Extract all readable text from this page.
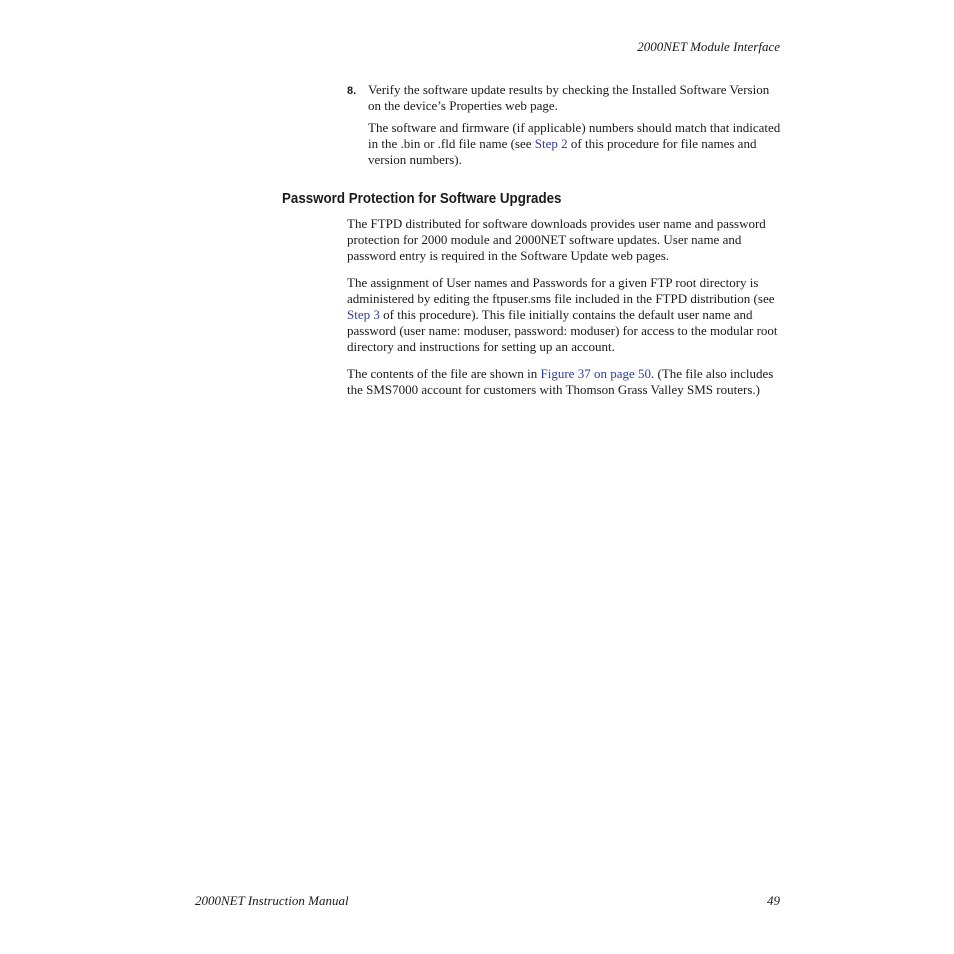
2000NET Module Interface
8. Verify the software update results by checking the Installed Software Version on the device’s Properties web page.

The software and firmware (if applicable) numbers should match that indicated in the .bin or .fld file name (see Step 2 of this procedure for file names and version numbers).

Password Protection for Software Upgrades

The FTPD distributed for software downloads provides user name and password protection for 2000 module and 2000NET software updates. User name and password entry is required in the Software Update web pages.

The assignment of User names and Passwords for a given FTP root directory is administered by editing the ftpuser.sms file included in the FTPD distribution (see Step 3 of this procedure). This file initially contains the default user name and password (user name: moduser, password: moduser) for access to the modular root directory and instructions for setting up an account.

The contents of the file are shown in Figure 37 on page 50. (The file also includes the SMS7000 account for customers with Thomson Grass Valley SMS routers.)

2000NET Instruction Manual	49
